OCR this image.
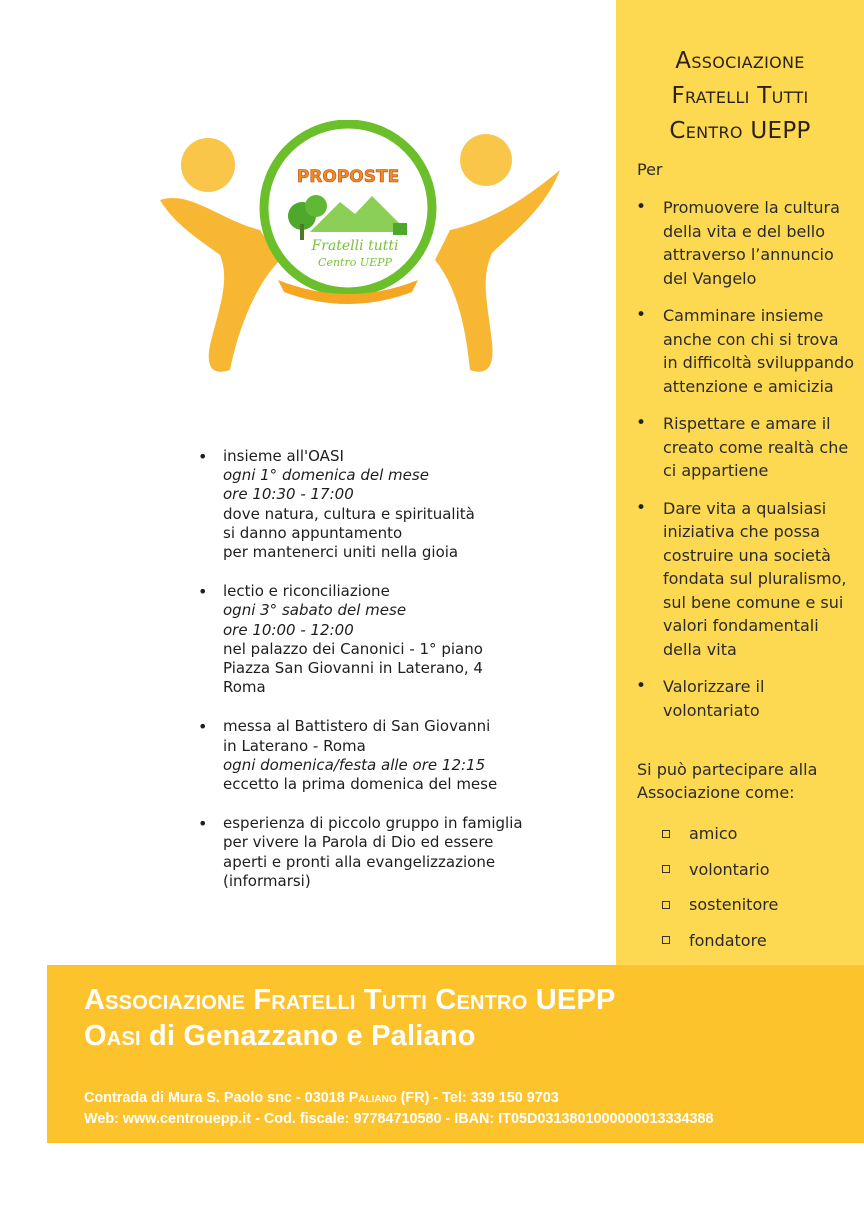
Associazione
Fratelli Tutti
Centro UEPP
Per
• Promuovere la cultura della vita e del bello attraverso l’annuncio del Vangelo
• Camminare insieme anche con chi si trova in difficoltà sviluppando attenzione e amicizia
• Rispettare e amare il creato come realtà che ci appartiene
• Dare vita a qualsiasi iniziativa che possa costruire una società fondata sul pluralismo, sul bene comune e sui valori fondamentali della vita
• Valorizzare il volontariato
Si può partecipare alla Associazione come:
amico
volontario
sostenitore
fondatore
PROPOSTE
Fratelli tutti
Centro UEPP
• insieme all'OASI
ogni 1° domenica del mese
ore 10:30 - 17:00
dove natura, cultura e spiritualità
si danno appuntamento
per mantenerci uniti nella gioia
• lectio e riconciliazione
ogni 3° sabato del mese
ore 10:00 - 12:00
nel palazzo dei Canonici - 1° piano
Piazza San Giovanni in Laterano, 4
Roma
• messa al Battistero di San Giovanni
in Laterano - Roma
ogni domenica/festa alle ore 12:15
eccetto la prima domenica del mese
• esperienza di piccolo gruppo in famiglia
per vivere la Parola di Dio ed essere
aperti e pronti alla evangelizzazione
(informarsi)
Associazione Fratelli Tutti Centro UEPP
Oasi di Genazzano e Paliano
Contrada di Mura S. Paolo snc - 03018 Paliano (FR) - Tel: 339 150 9703
Web: www.centrouepp.it - Cod. fiscale: 97784710580 - IBAN: IT05D0313801000000013334388
